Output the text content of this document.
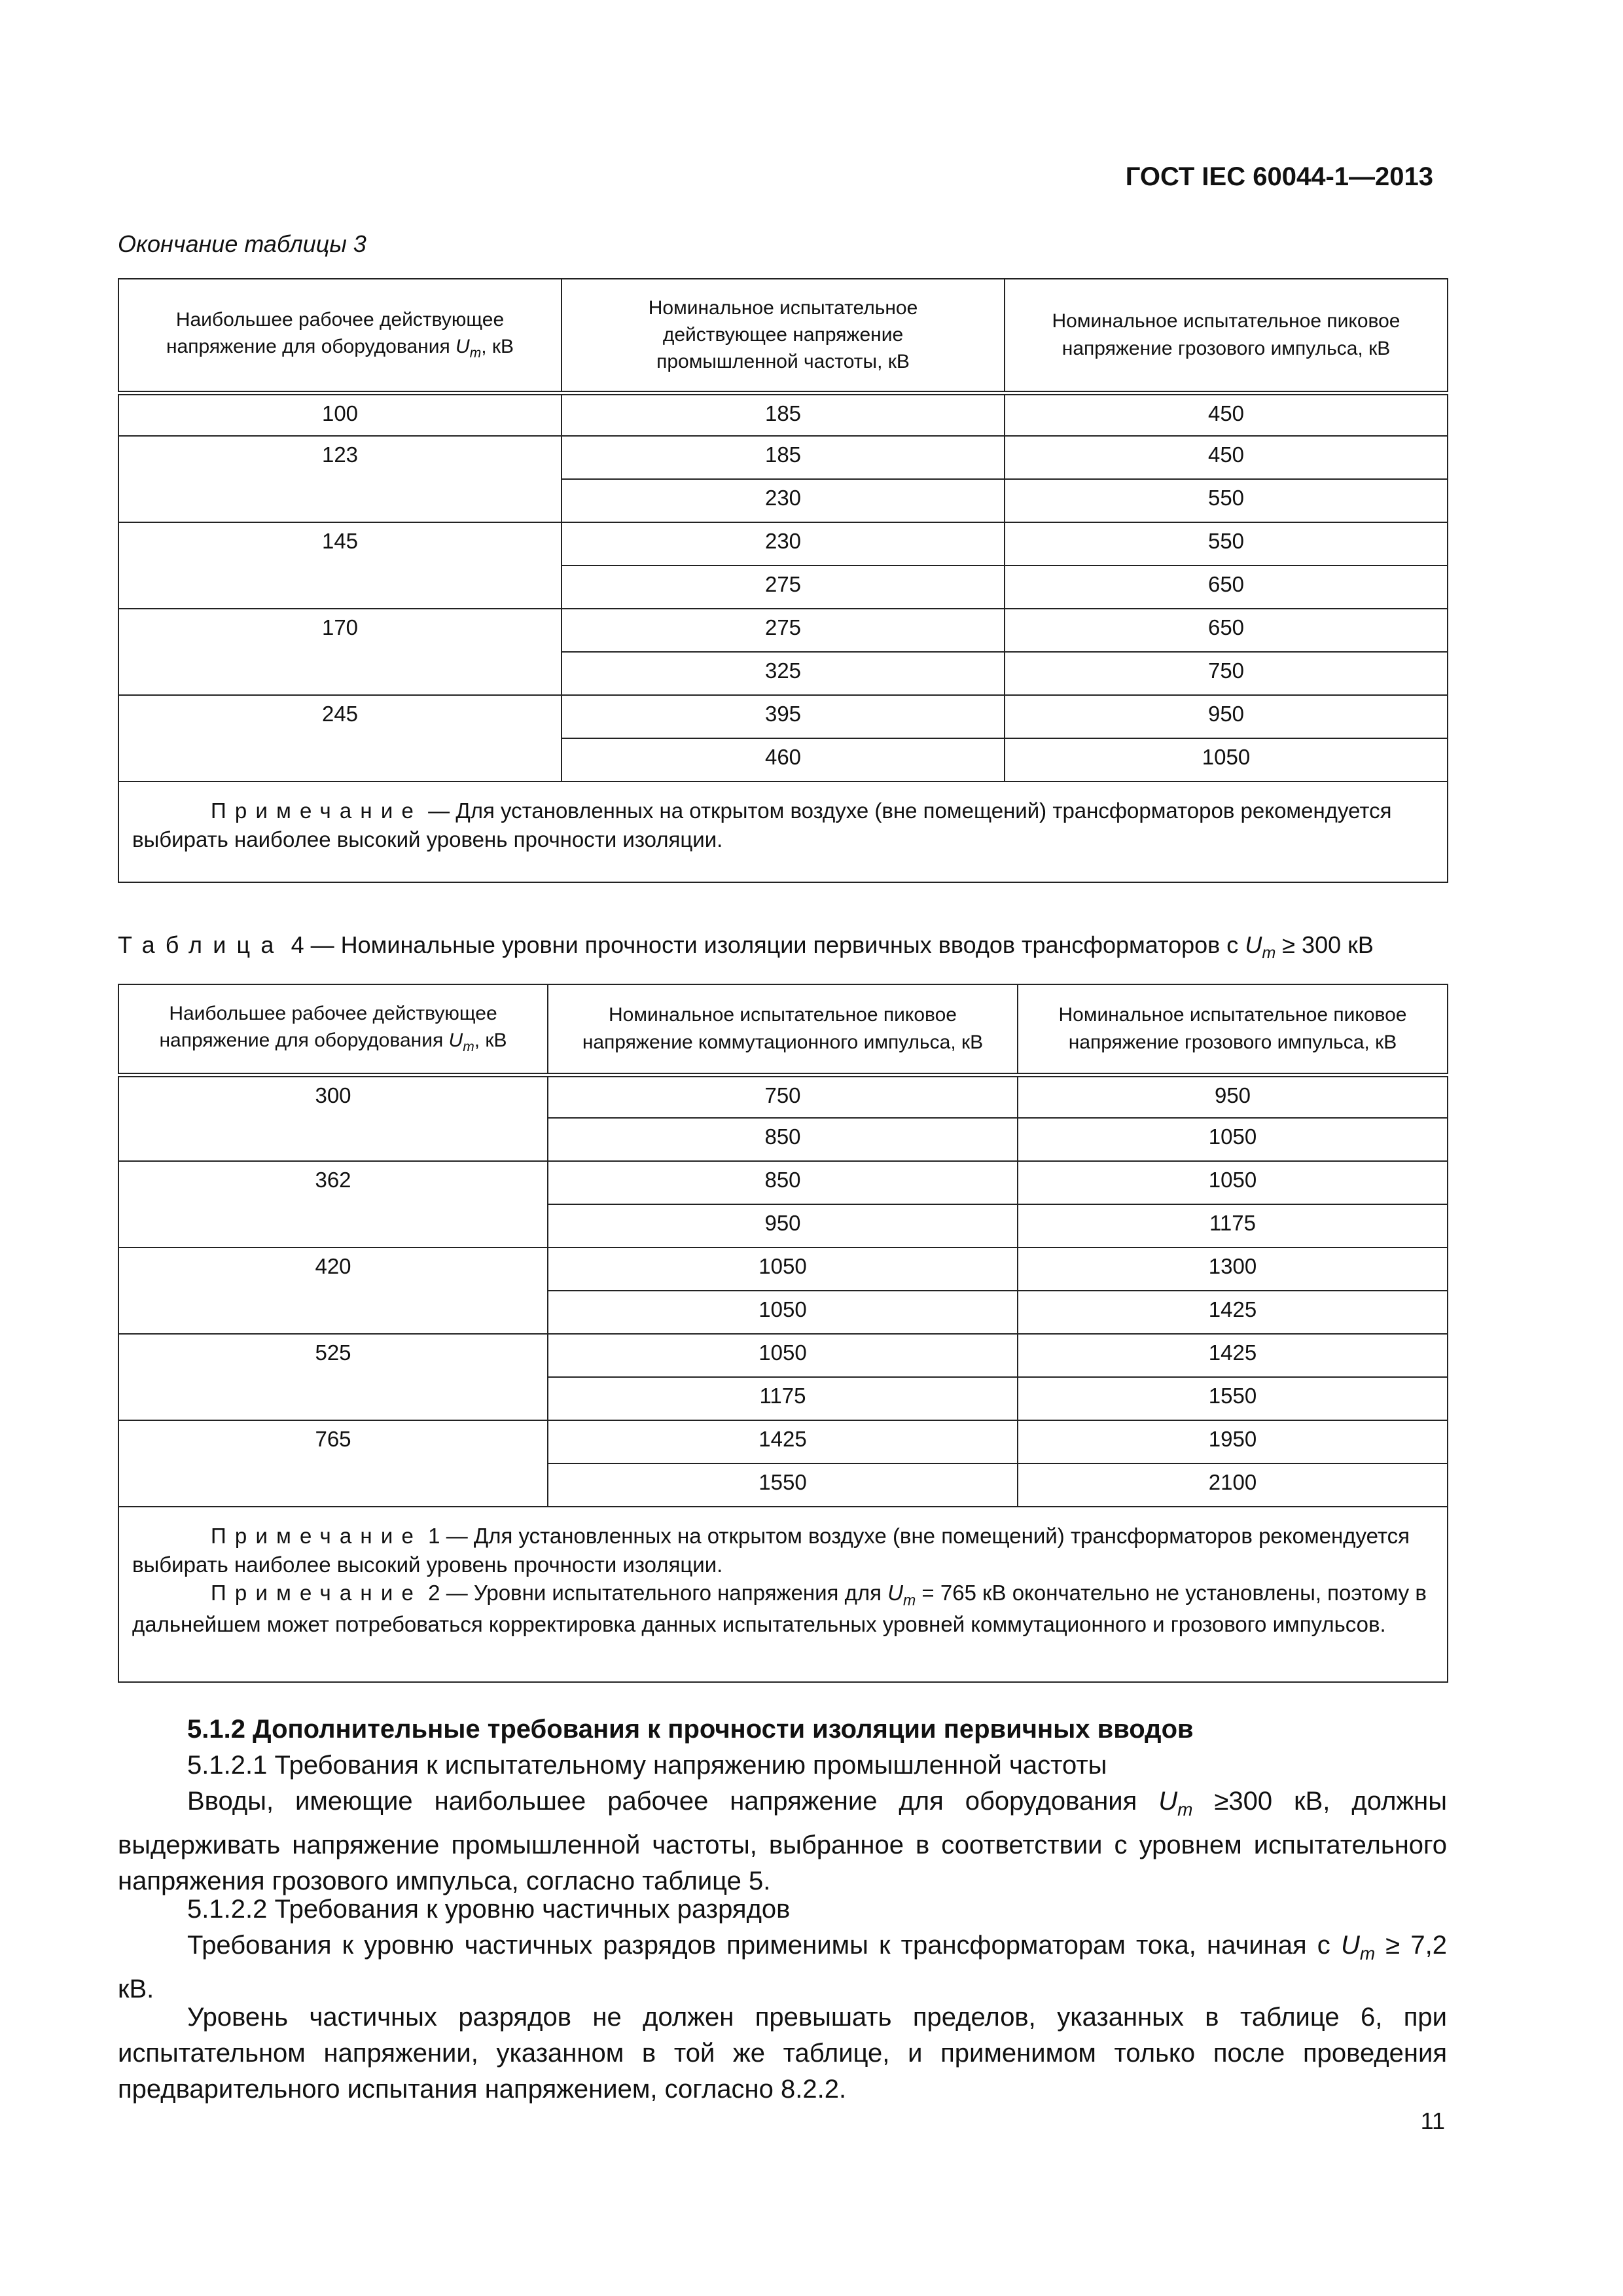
ГОСТ IEC 60044-1—2013
Окончание таблицы 3
Наибольшее рабочее действующее напряжение для оборудования $U_m$, кВ	Номинальное испытательное действующее напряжение промышленной частоты, кВ	Номинальное испытательное пиковое напряжение грозового импульса, кВ
100	185	450
123	185	450
	230	550
145	230	550
	275	650
170	275	650
	325	750
245	395	950
	460	1050

Примечание — Для установленных на открытом воздухе (вне помещений) трансформаторов рекомендуется выбирать наиболее высокий уровень прочности изоляции.		

Таблица 4 — Номинальные уровни прочности изоляции первичных вводов трансформаторов с $U_m \ge 300$ кВ
Наибольшее рабочее действующее напряжение для оборудования $U_m$, кВ	Номинальное испытательное пиковое напряжение коммутационного импульса, кВ	Номинальное испытательное пиковое напряжение грозового импульса, кВ
300	750	950
	850	1050
362	850	1050
	950	1175
420	1050	1300
	1050	1425
525	1050	1425
	1175	1550
765	1425	1950
	1550	2100

Примечание 1 — Для установленных на открытом воздухе (вне помещений) трансформаторов рекомендуется выбирать наиболее высокий уровень прочности изоляции.

Примечание 2 — Уровни испытательного напряжения для $U_m = 765$ кВ окончательно не установлены, поэтому в дальнейшем может потребоваться корректировка данных испытательных уровней коммутационного и грозового импульсов.		

5.1.2 Дополнительные требования к прочности изоляции первичных вводов
5.1.2.1 Требования к испытательному напряжению промышленной частоты
Вводы, имеющие наибольшее рабочее напряжение для оборудования $U_m \ge 300$ кВ, должны выдерживать напряжение промышленной частоты, выбранное в соответствии с уровнем испытательного напряжения грозового импульса, согласно таблице 5.
5.1.2.2 Требования к уровню частичных разрядов
Требования к уровню частичных разрядов применимы к трансформаторам тока, начиная с $U_m \ge 7,2$ кВ.
Уровень частичных разрядов не должен превышать пределов, указанных в таблице 6, при испытательном напряжении, указанном в той же таблице, и применимом только после проведения предварительного испытания напряжением, согласно 8.2.2.
11
